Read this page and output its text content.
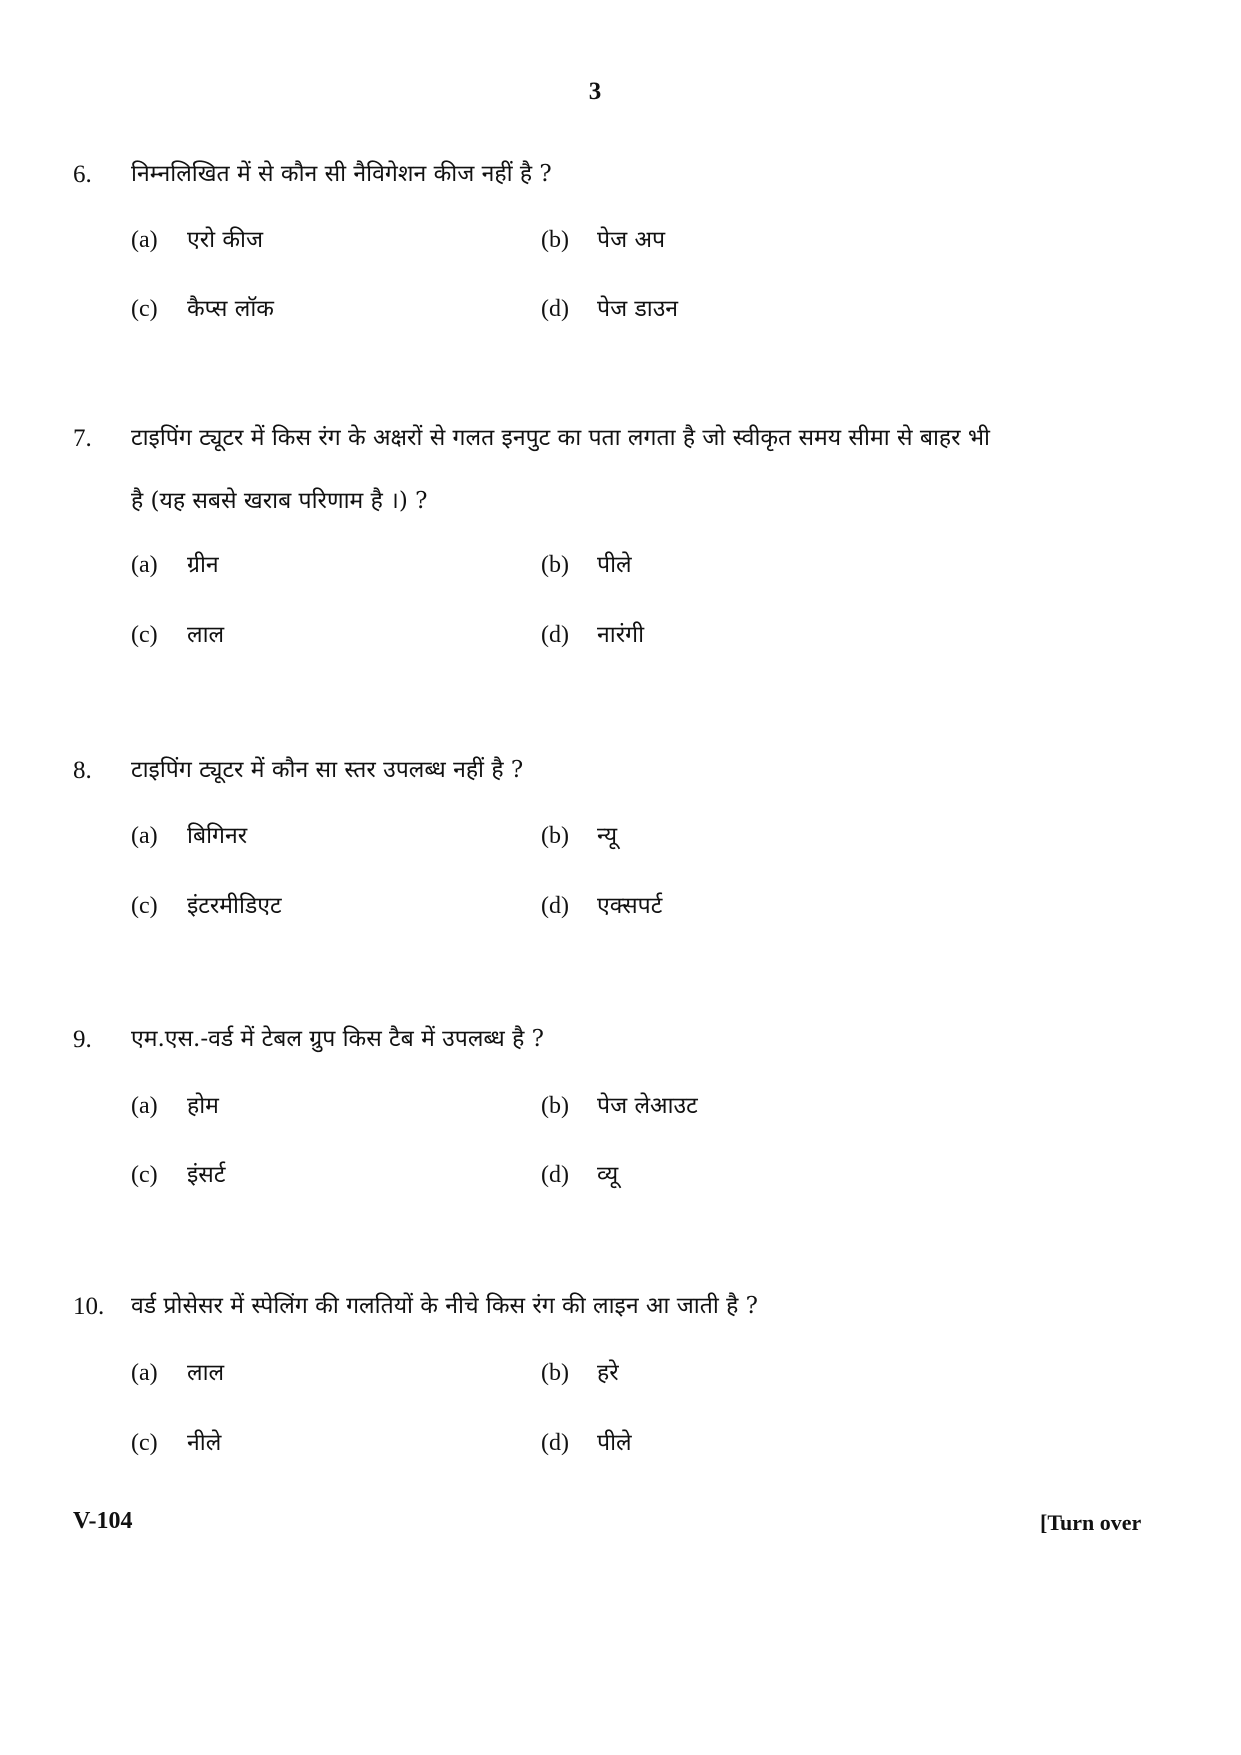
3
6. निम्नलिखित में से कौन सी नैविगेशन कीज नहीं है ?
(a) एरो कीज	(b) पेज अप
(c) कैप्स लॉक	(d) पेज डाउन
7. टाइपिंग ट्यूटर में किस रंग के अक्षरों से गलत इनपुट का पता लगता है जो स्वीकृत समय सीमा से बाहर भी
है (यह सबसे खराब परिणाम है ।) ?
(a) ग्रीन	(b) पीले
(c) लाल	(d) नारंगी
8. टाइपिंग ट्यूटर में कौन सा स्तर उपलब्ध नहीं है ?
(a) बिगिनर	(b) न्यू
(c) इंटरमीडिएट	(d) एक्सपर्ट
9. एम.एस.-वर्ड में टेबल ग्रुप किस टैब में उपलब्ध है ?
(a) होम	(b) पेज लेआउट
(c) इंसर्ट	(d) व्यू
10. वर्ड प्रोसेसर में स्पेलिंग की गलतियों के नीचे किस रंग की लाइन आ जाती है ?
(a) लाल	(b) हरे
(c) नीले	(d) पीले
V-104	[Turn over
